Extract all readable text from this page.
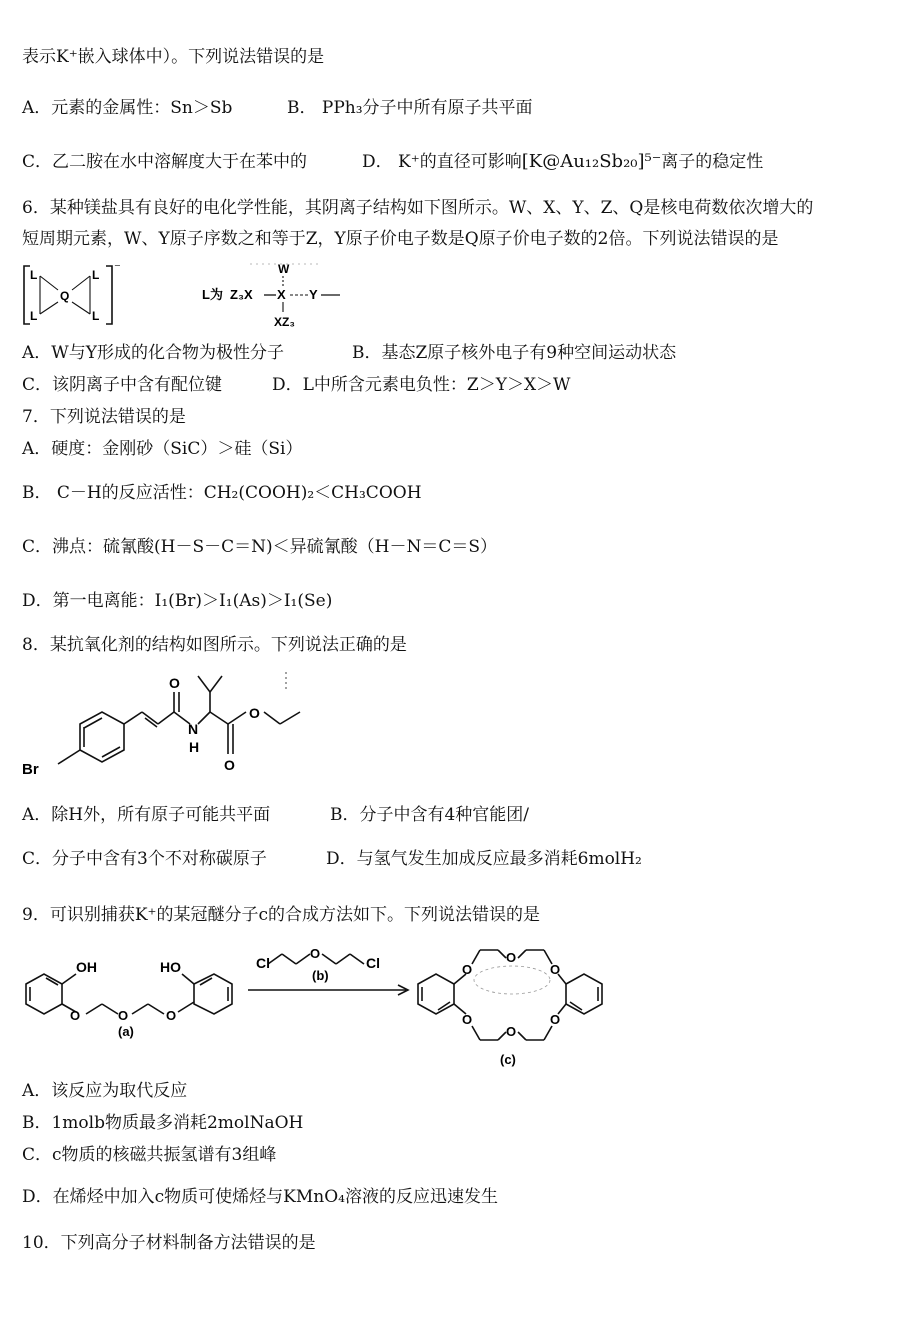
表示K⁺嵌入球体中）。下列说法错误的是
A．元素的金属性：Sn＞Sb	B． PPh₃分子中所有原子共平面
C．乙二胺在水中溶解度大于在苯中的	D． K⁺的直径可影响[K@Au₁₂Sb₂₀]⁵⁻离子的稳定性
6．某种镁盐具有良好的电化学性能，其阴离子结构如下图所示。W、X、Y、Z、Q是核电荷数依次增大的
短周期元素，W、Y原子序数之和等于Z，Y原子价电子数是Q原子价电子数的2倍。下列说法错误的是
⁻
L	L
L	L
Q	L为 Z₃X X Y
W
XZ₃
A．W与Y形成的化合物为极性分子	B．基态Z原子核外电子有9种空间运动状态
C．该阴离子中含有配位键	D．L中所含元素电负性：Z＞Y＞X＞W
7．下列说法错误的是
A．硬度：金刚砂（SiC）＞硅（Si）
B． C－H的反应活性：CH₂(COOH)₂＜CH₃COOH
C．沸点：硫氰酸(H－S－C＝N)＜异硫氰酸（H－N＝C＝S）
D．第一电离能：I₁(Br)＞I₁(As)＞I₁(Se)
8．某抗氧化剂的结构如图所示。下列说法正确的是
Br
O
N
H
O
O
A．除H外，所有原子可能共平面	B．分子中含有4种官能团/
C．分子中含有3个不对称碳原子	D．与氢气发生加成反应最多消耗6molH₂
9．可识别捕获K⁺的某冠醚分子c的合成方法如下。下列说法错误的是
OH	HO
O	O	O
(a)
Cl
O
Cl
(b)	O
O
O
O
O
O
(c)
A．该反应为取代反应
B．1molb物质最多消耗2molNaOH
C．c物质的核磁共振氢谱有3组峰
D．在烯烃中加入c物质可使烯烃与KMnO₄溶液的反应迅速发生
10．下列高分子材料制备方法错误的是
